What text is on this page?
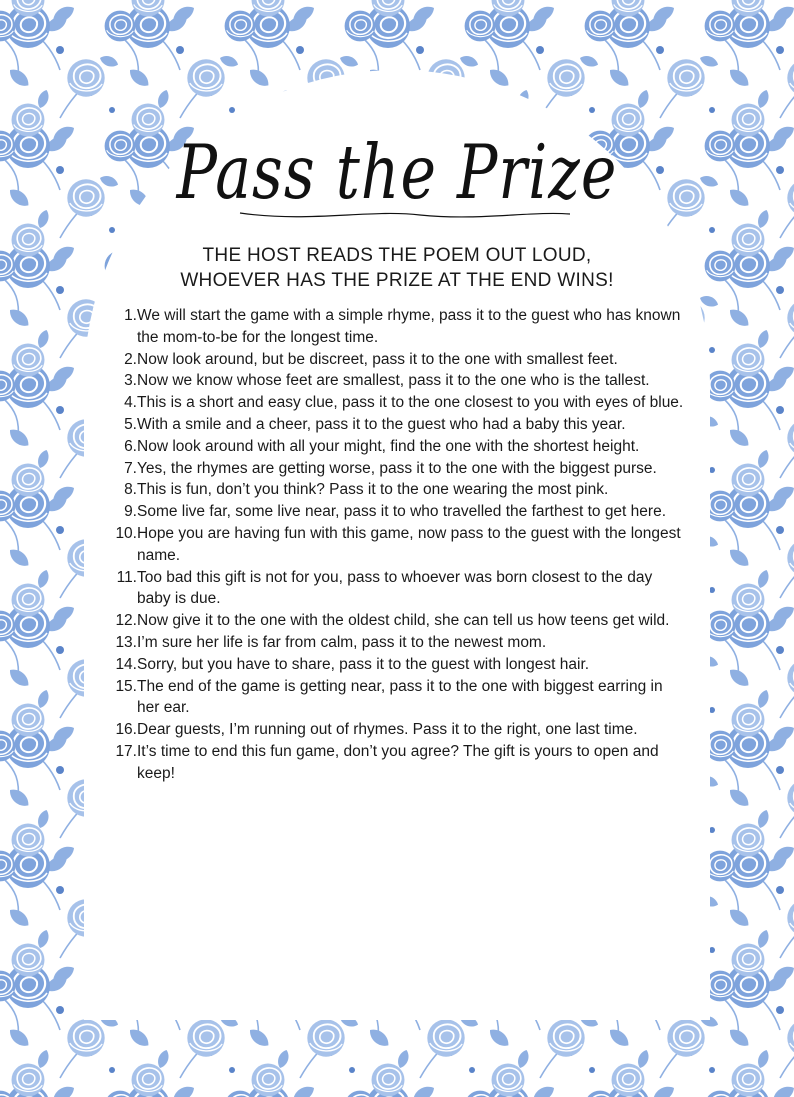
Pass the Prize
THE HOST READS THE POEM OUT LOUD,
WHOEVER HAS THE PRIZE AT THE END WINS!
1. We will start the game with a simple rhyme, pass it to the guest who has known the mom-to-be for the longest time.
2. Now look around, but be discreet, pass it to the one with smallest feet.
3. Now we know whose feet are smallest, pass it to the one who is the tallest.
4. This is a short and easy clue, pass it to the one closest to you with eyes of blue.
5. With a smile and a cheer, pass it to the guest who had a baby this year.
6. Now look around with all your might, find the one with the shortest height.
7. Yes, the rhymes are getting worse, pass it to the one with the biggest purse.
8. This is fun, don’t you think? Pass it to the one wearing the most pink.
9. Some live far, some live near, pass it to who travelled the farthest to get here.
10. Hope you are having fun with this game, now pass to the guest with the longest name.
11. Too bad this gift is not for you, pass to whoever was born closest to the day baby is due.
12. Now give it to the one with the oldest child, she can tell us how teens get wild.
13. I’m sure her life is far from calm, pass it to the newest mom.
14. Sorry, but you have to share, pass it to the guest with longest hair.
15. The end of the game is getting near, pass it to the one with biggest earring in her ear.
16. Dear guests, I’m running out of rhymes. Pass it to the right, one last time.
17. It’s time to end this fun game, don’t you agree? The gift is yours to open and keep!
